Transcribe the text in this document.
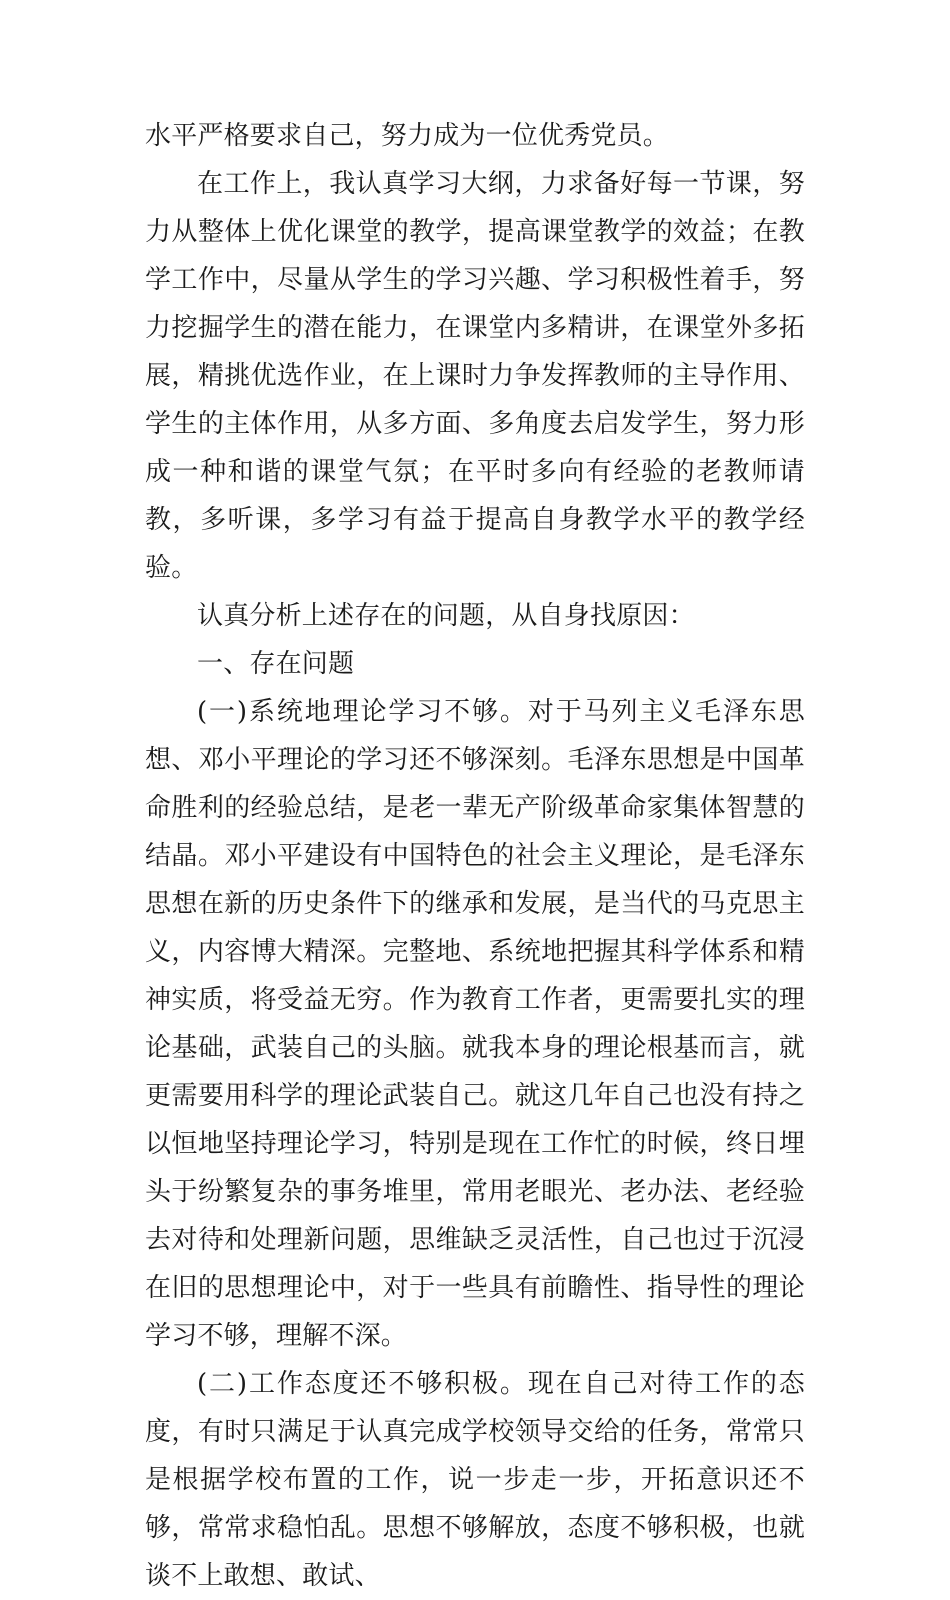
水平严格要求自己，努力成为一位优秀党员。

在工作上，我认真学习大纲，力求备好每一节课，努力从整体上优化课堂的教学，提高课堂教学的效益；在教学工作中，尽量从学生的学习兴趣、学习积极性着手，努力挖掘学生的潜在能力，在课堂内多精讲，在课堂外多拓展，精挑优选作业，在上课时力争发挥教师的主导作用、学生的主体作用，从多方面、多角度去启发学生，努力形成一种和谐的课堂气氛；在平时多向有经验的老教师请教，多听课，多学习有益于提高自身教学水平的教学经验。

认真分析上述存在的问题，从自身找原因：

一、存在问题

(一)系统地理论学习不够。对于马列主义毛泽东思想、邓小平理论的学习还不够深刻。毛泽东思想是中国革命胜利的经验总结，是老一辈无产阶级革命家集体智慧的结晶。邓小平建设有中国特色的社会主义理论，是毛泽东思想在新的历史条件下的继承和发展，是当代的马克思主义，内容博大精深。完整地、系统地把握其科学体系和精神实质，将受益无穷。作为教育工作者，更需要扎实的理论基础，武装自己的头脑。就我本身的理论根基而言，就更需要用科学的理论武装自己。就这几年自己也没有持之以恒地坚持理论学习，特别是现在工作忙的时候，终日埋头于纷繁复杂的事务堆里，常用老眼光、老办法、老经验去对待和处理新问题，思维缺乏灵活性，自己也过于沉浸在旧的思想理论中，对于一些具有前瞻性、指导性的理论学习不够，理解不深。

(二)工作态度还不够积极。现在自己对待工作的态度，有时只满足于认真完成学校领导交给的任务，常常只是根据学校布置的工作，说一步走一步，开拓意识还不够，常常求稳怕乱。思想不够解放，态度不够积极，也就谈不上敢想、敢试、
